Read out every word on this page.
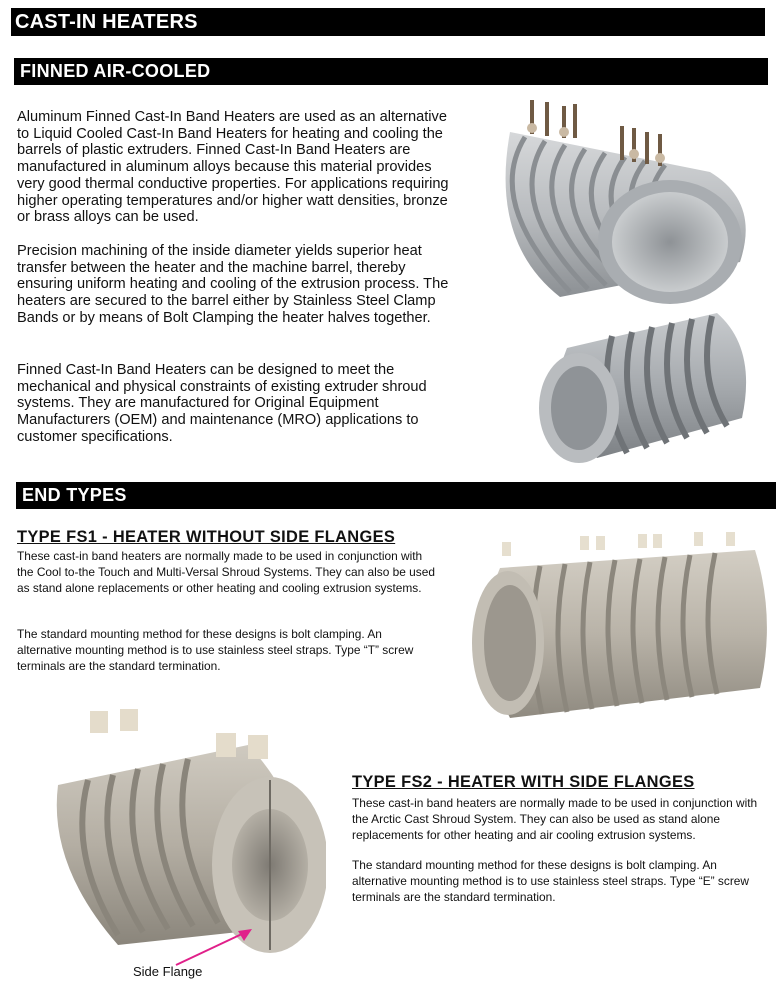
CAST-IN HEATERS
FINNED AIR-COOLED

Aluminum Finned Cast-In Band Heaters are used as an alternative to Liquid Cooled Cast-In Band Heaters for heating and cooling the barrels of plastic extruders. Finned Cast-In Band Heaters are manufactured in aluminum alloys because this material provides very good thermal conductive properties. For applications requiring higher operating temperatures and/or higher watt densities, bronze or brass alloys can be used.

Precision machining of the inside diameter yields superior heat transfer between the heater and the machine barrel, thereby ensuring uniform heating and cooling of the extrusion process. The heaters are secured to the barrel either by Stainless Steel Clamp Bands or by means of Bolt Clamping the heater halves together.

Finned Cast-In Band Heaters can be designed to meet the mechanical and physical constraints of existing extruder shroud systems. They are manufactured for Original Equipment Manufacturers (OEM) and maintenance (MRO) applications to customer specifications.

END TYPES

TYPE FS1 - HEATER WITHOUT SIDE FLANGES

These cast-in band heaters are normally made to be used in conjunction with the Cool to-the Touch and Multi-Versal Shroud Systems. They can also be used as stand alone replacements or other heating and cooling extrusion systems.

The standard mounting method for these designs is bolt clamping. An alternative mounting method is to use stainless steel straps. Type “T” screw terminals are the standard termination.

Side Flange

TYPE FS2 - HEATER WITH SIDE FLANGES

These cast-in band heaters are normally made to be used in conjunction with the Arctic Cast Shroud System. They can also be used as stand alone replacements for other heating and air cooling extrusion systems.

The standard mounting method for these designs is bolt clamping. An alternative mounting method is to use stainless steel straps. Type “E” screw terminals are the standard termination.
